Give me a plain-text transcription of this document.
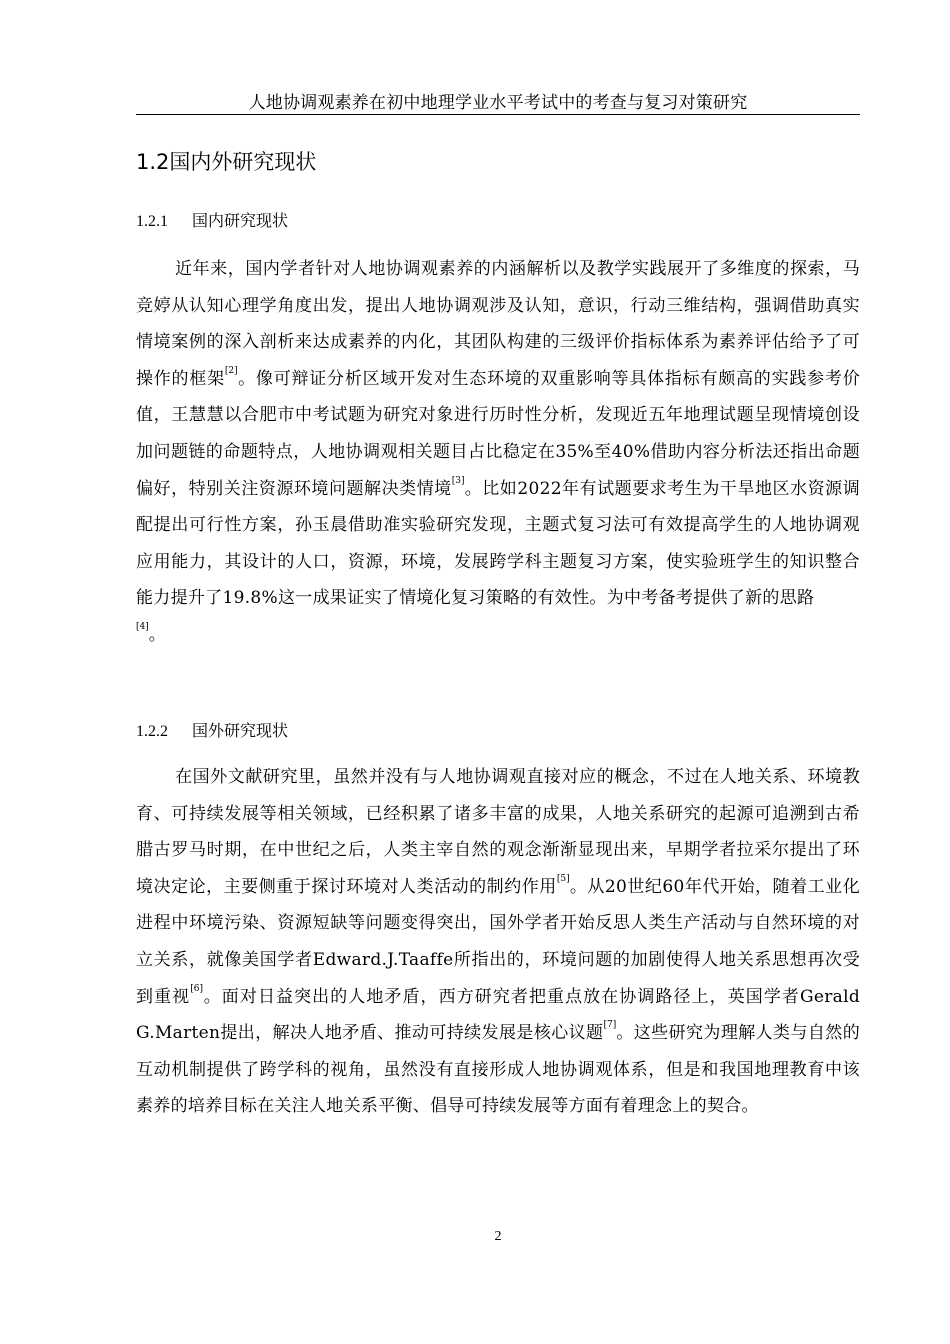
人地协调观素养在初中地理学业水平考试中的考查与复习对策研究
1.2国内外研究现状
1.2.1 国内研究现状

近年来，国内学者针对人地协调观素养的内涵解析以及教学实践展开了多维度的探索，马竞婷从认知心理学角度出发，提出人地协调观涉及认知，意识，行动三维结构，强调借助真实情境案例的深入剖析来达成素养的内化，其团队构建的三级评价指标体系为素养评估给予了可操作的框架[2]。像可辩证分析区域开发对生态环境的双重影响等具体指标有颇高的实践参考价值，王慧慧以合肥市中考试题为研究对象进行历时性分析，发现近五年地理试题呈现情境创设加问题链的命题特点，人地协调观相关题目占比稳定在35%至40%借助内容分析法还指出命题偏好，特别关注资源环境问题解决类情境[3]。比如2022年有试题要求考生为干旱地区水资源调配提出可行性方案，孙玉晨借助准实验研究发现，主题式复习法可有效提高学生的人地协调观应用能力，其设计的人口，资源，环境，发展跨学科主题复习方案，使实验班学生的知识整合能力提升了19.8%这一成果证实了情境化复习策略的有效性。为中考备考提供了新的思路
[4]。

1.2.2 国外研究现状

在国外文献研究里，虽然并没有与人地协调观直接对应的概念，不过在人地关系、环境教育、可持续发展等相关领域，已经积累了诸多丰富的成果，人地关系研究的起源可追溯到古希腊古罗马时期，在中世纪之后，人类主宰自然的观念渐渐显现出来，早期学者拉采尔提出了环境决定论，主要侧重于探讨环境对人类活动的制约作用[5]。从20世纪60年代开始，随着工业化进程中环境污染、资源短缺等问题变得突出，国外学者开始反思人类生产活动与自然环境的对立关系，就像美国学者Edward.J.Taaffe所指出的，环境问题的加剧使得人地关系思想再次受到重视[6]。面对日益突出的人地矛盾，西方研究者把重点放在协调路径上，英国学者Gerald G.Marten提出，解决人地矛盾、推动可持续发展是核心议题[7]。这些研究为理解人类与自然的互动机制提供了跨学科的视角，虽然没有直接形成人地协调观体系，但是和我国地理教育中该素养的培养目标在关注人地关系平衡、倡导可持续发展等方面有着理念上的契合。

2
